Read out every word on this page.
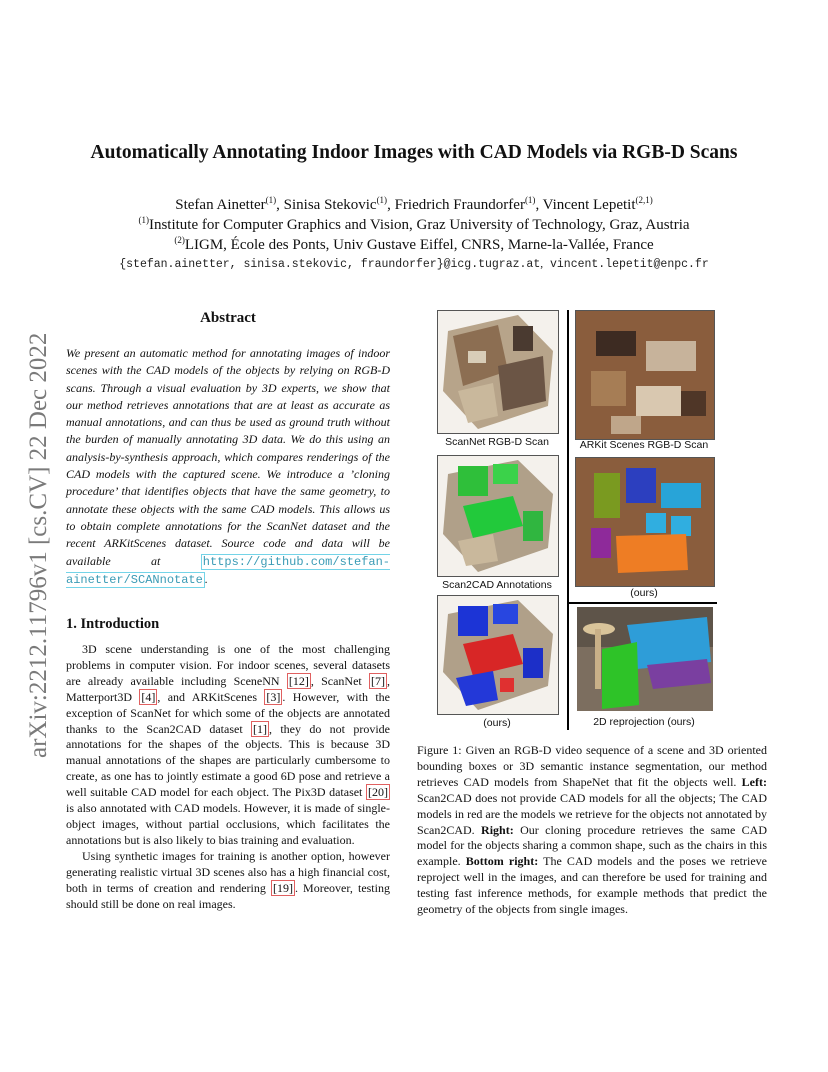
arXiv:2212.11796v1 [cs.CV] 22 Dec 2022
Automatically Annotating Indoor Images with CAD Models via RGB-D Scans
Stefan Ainetter$^{(1)}$, Sinisa Stekovic$^{(1)}$, Friedrich Fraundorfer$^{(1)}$, Vincent Lepetit$^{(2,1)}$
$^{(1)}$Institute for Computer Graphics and Vision, Graz University of Technology, Graz, Austria
$^{(2)}$LIGM, École des Ponts, Univ Gustave Eiffel, CNRS, Marne-la-Vallée, France
{stefan.ainetter, sinisa.stekovic, fraundorfer}@icg.tugraz.at, vincent.lepetit@enpc.fr
Abstract
We present an automatic method for annotating images of indoor scenes with the CAD models of the objects by relying on RGB-D scans. Through a visual evaluation by 3D experts, we show that our method retrieves annotations that are at least as accurate as manual annotations, and can thus be used as ground truth without the burden of manually annotating 3D data. We do this using an analysis-by-synthesis approach, which compares renderings of the CAD models with the captured scene. We introduce a ’cloning procedure’ that identifies objects that have the same geometry, to annotate these objects with the same CAD models. This allows us to obtain complete annotations for the ScanNet dataset and the recent ARKitScenes dataset. Source code and data will be available at	https://github.com/stefan-ainetter/SCANnotate .
1. Introduction

3D scene understanding is one of the most challenging problems in computer vision. For indoor scenes, several datasets are already available including SceneNN [12] , ScanNet [7] , Matterport3D [4] , and ARKitScenes [3] . However, with the exception of ScanNet for which some of the objects are annotated thanks to the Scan2CAD dataset [1] , they do not provide annotations for the shapes of the objects. This is because 3D manual annotations of the shapes are particularly cumbersome to create, as one has to jointly estimate a good 6D pose and retrieve a well suitable CAD model for each object. The Pix3D dataset [20] is also annotated with CAD models. However, it is made of single-object images, without partial occlusions, which facilitates the annotations but is also likely to bias training and evaluation.

Using synthetic images for training is another option, however generating realistic virtual 3D scenes also has a high financial cost, both in terms of creation and rendering [19] . Moreover, testing should still be done on real images.

ScanNet RGB-D Scan
Scan2CAD Annotations
(ours)
ARKit Scenes RGB-D Scan
(ours)
2D reprojection (ours)
Figure 1: Given an RGB-D video sequence of a scene and 3D oriented bounding boxes or 3D semantic instance segmentation, our method retrieves CAD models from ShapeNet that fit the objects well. Left: Scan2CAD does not provide CAD models for all the objects; The CAD models in red are the models we retrieve for the objects not annotated by Scan2CAD. Right: Our cloning procedure retrieves the same CAD model for the objects sharing a common shape, such as the chairs in this example. Bottom right: The CAD models and the poses we retrieve reproject well in the images, and can therefore be used for training and testing fast inference methods, for example methods that predict the geometry of the objects from single images.
